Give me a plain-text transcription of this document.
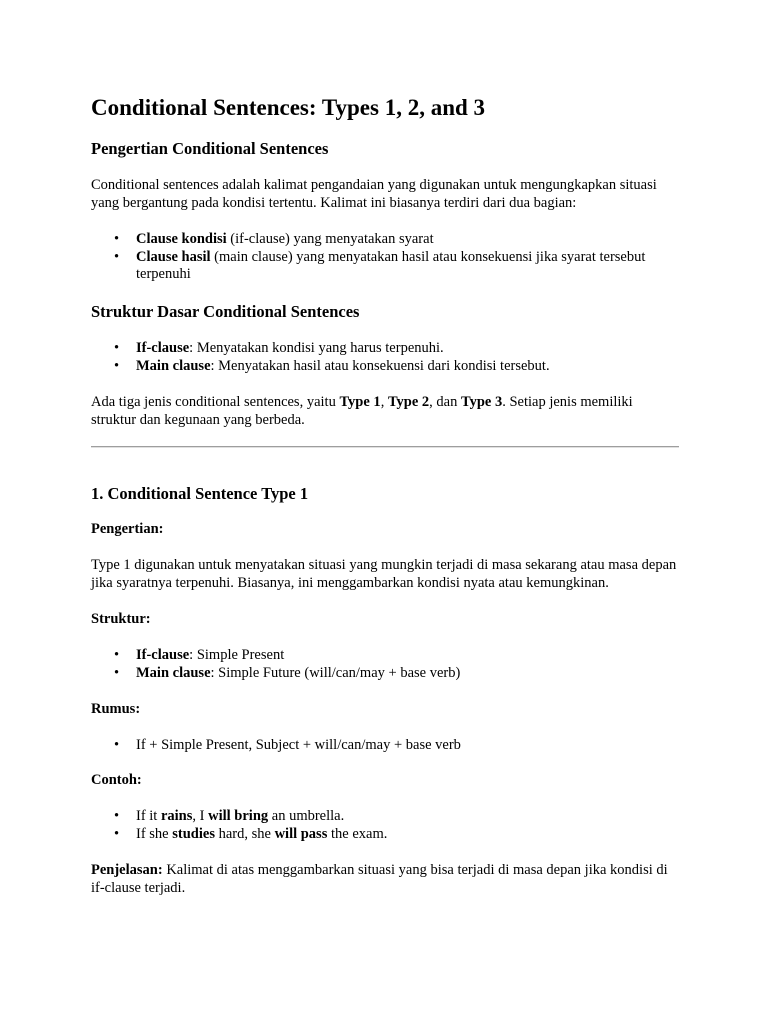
Conditional Sentences: Types 1, 2, and 3
Pengertian Conditional Sentences

Conditional sentences adalah kalimat pengandaian yang digunakan untuk mengungkapkan situasi yang bergantung pada kondisi tertentu. Kalimat ini biasanya terdiri dari dua bagian:

• Clause kondisi (if-clause) yang menyatakan syarat
• Clause hasil (main clause) yang menyatakan hasil atau konsekuensi jika syarat tersebut terpenuhi
Struktur Dasar Conditional Sentences
• If-clause: Menyatakan kondisi yang harus terpenuhi.
• Main clause: Menyatakan hasil atau konsekuensi dari kondisi tersebut.

Ada tiga jenis conditional sentences, yaitu Type 1, Type 2, dan Type 3. Setiap jenis memiliki struktur dan kegunaan yang berbeda.

1. Conditional Sentence Type 1
Pengertian:

Type 1 digunakan untuk menyatakan situasi yang mungkin terjadi di masa sekarang atau masa depan jika syaratnya terpenuhi. Biasanya, ini menggambarkan kondisi nyata atau kemungkinan.

Struktur:
• If-clause: Simple Present
• Main clause: Simple Future (will/can/may + base verb)
Rumus:
• If + Simple Present, Subject + will/can/may + base verb
Contoh:
• If it rains, I will bring an umbrella.
• If she studies hard, she will pass the exam.

Penjelasan: Kalimat di atas menggambarkan situasi yang bisa terjadi di masa depan jika kondisi di if-clause terjadi.
